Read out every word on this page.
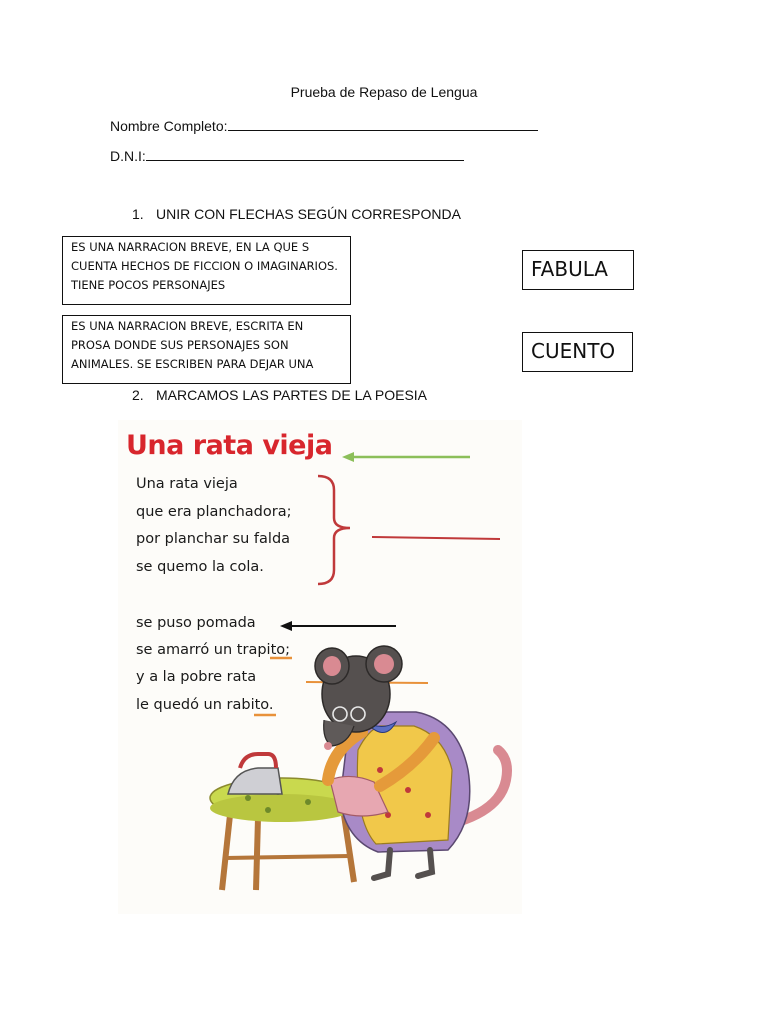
Prueba de Repaso de Lengua
Nombre Completo:
D.N.I:
1. UNIR CON FLECHAS SEGÚN CORRESPONDA
ES UNA NARRACION BREVE, EN LA QUE S
CUENTA HECHOS DE FICCION O IMAGINARIOS.
TIENE POCOS PERSONAJES
ES UNA NARRACION BREVE, ESCRITA EN
PROSA DONDE SUS PERSONAJES SON
ANIMALES. SE ESCRIBEN PARA DEJAR UNA
FABULA
CUENTO
2. MARCAMOS LAS PARTES DE LA POESIA
Una rata vieja
Una rata vieja
que era planchadora;
por planchar su falda
se quemo la cola.
se puso pomada
se amarró un trapito;
y a la pobre rata
le quedó un rabito.
